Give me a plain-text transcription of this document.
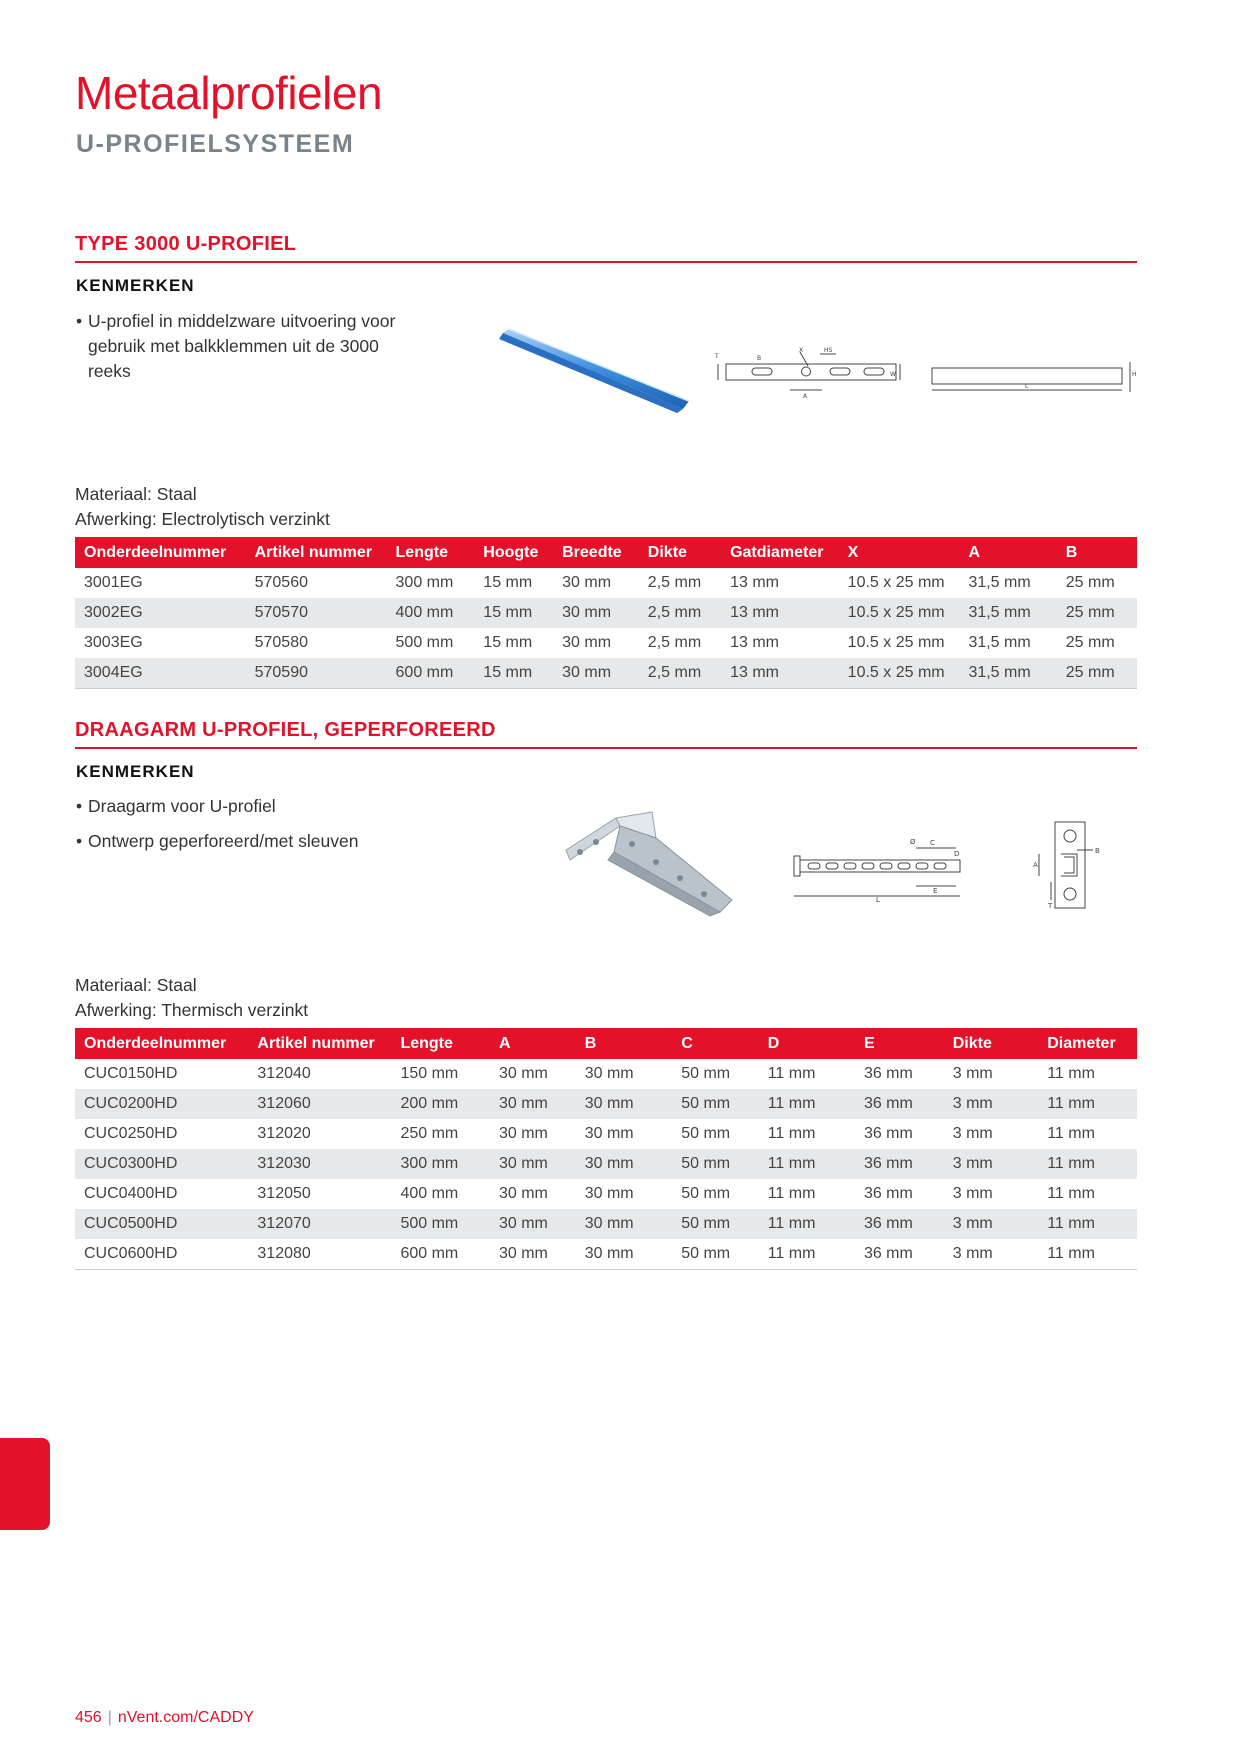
Metaalprofielen
U-PROFIELSYSTEEM
TYPE 3000 U-PROFIEL
KENMERKEN
• U-profiel in middelzware uitvoering voor gebruik met balkklemmen uit de 3000 reeks
T	B
X	HS
W
A
H
L
Materiaal: Staal
Afwerking: Electrolytisch verzinkt
Onderdeelnummer	Artikel nummer	Lengte	Hoogte	Breedte	Dikte	Gatdiameter	X	A	B
3001EG	570560	300 mm	15 mm	30 mm	2,5 mm	13 mm	10.5 x 25 mm	31,5 mm	25 mm
3002EG	570570	400 mm	15 mm	30 mm	2,5 mm	13 mm	10.5 x 25 mm	31,5 mm	25 mm
3003EG	570580	500 mm	15 mm	30 mm	2,5 mm	13 mm	10.5 x 25 mm	31,5 mm	25 mm
3004EG	570590	600 mm	15 mm	30 mm	2,5 mm	13 mm	10.5 x 25 mm	31,5 mm	25 mm
DRAAGARM U-PROFIEL, GEPERFOREERD
KENMERKEN
• Draagarm voor U-profiel
• Ontwerp geperforeerd/met sleuven	Ø C
D
E
L
A
B
T
Materiaal: Staal
Afwerking: Thermisch verzinkt
Onderdeelnummer	Artikel nummer	Lengte	A	B	C	D	E	Dikte	Diameter
CUC0150HD	312040	150 mm	30 mm	30 mm	50 mm	11 mm	36 mm	3 mm	11 mm
CUC0200HD	312060	200 mm	30 mm	30 mm	50 mm	11 mm	36 mm	3 mm	11 mm
CUC0250HD	312020	250 mm	30 mm	30 mm	50 mm	11 mm	36 mm	3 mm	11 mm
CUC0300HD	312030	300 mm	30 mm	30 mm	50 mm	11 mm	36 mm	3 mm	11 mm
CUC0400HD	312050	400 mm	30 mm	30 mm	50 mm	11 mm	36 mm	3 mm	11 mm
CUC0500HD	312070	500 mm	30 mm	30 mm	50 mm	11 mm	36 mm	3 mm	11 mm
CUC0600HD	312080	600 mm	30 mm	30 mm	50 mm	11 mm	36 mm	3 mm	11 mm
456 | nVent.com/CADDY
